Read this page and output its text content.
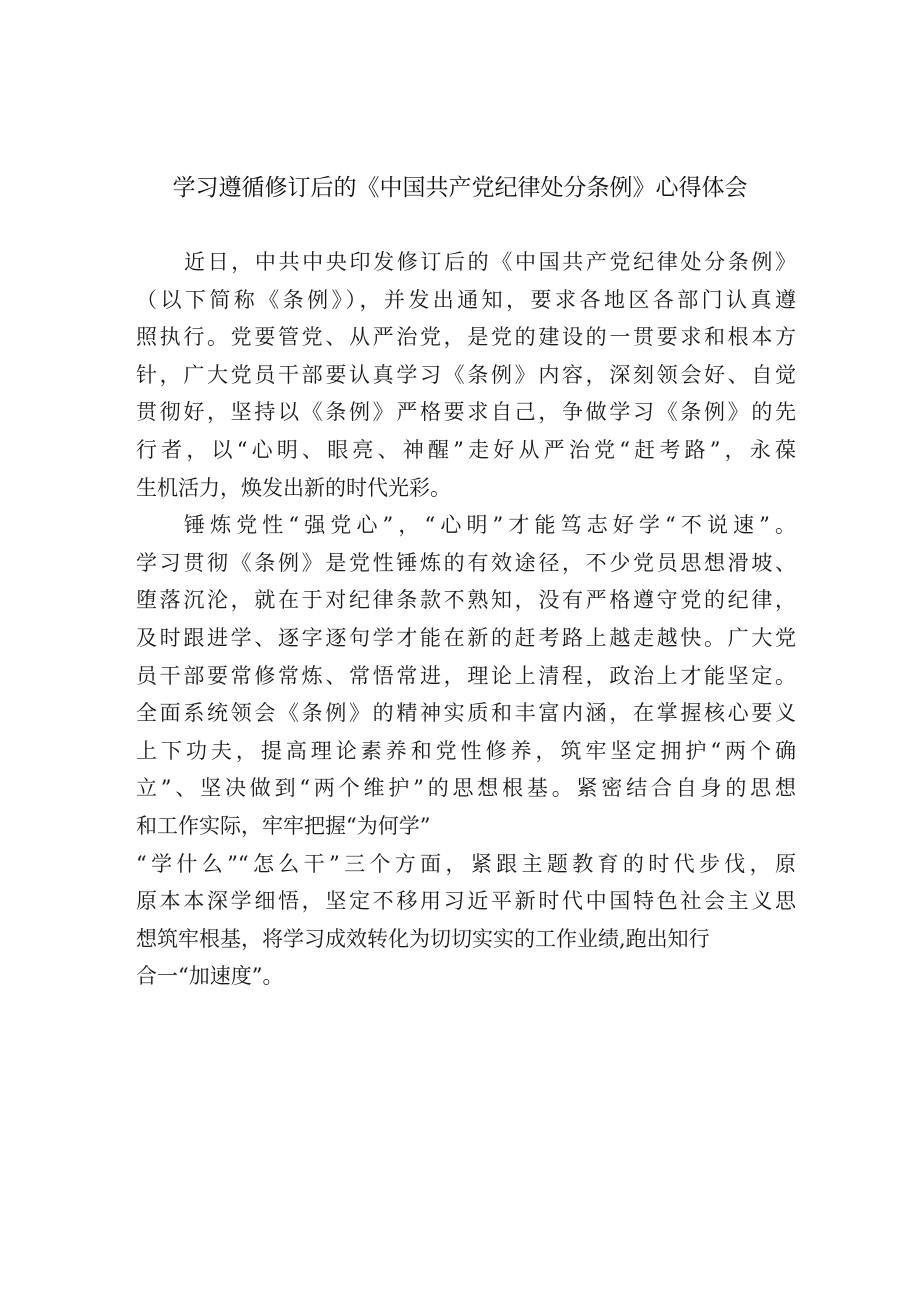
学习遵循修订后的《中国共产党纪律处分条例》心得体会
近日，中共中央印发修订后的《中国共产党纪律处分条例》
（以下简称《条例》），并发出通知，要求各地区各部门认真遵
照执行。党要管党、从严治党，是党的建设的一贯要求和根本方
针，广大党员干部要认真学习《条例》内容，深刻领会好、自觉
贯彻好，坚持以《条例》严格要求自己，争做学习《条例》的先
行者，以“心明、眼亮、神醒”走好从严治党“赶考路”，永葆
生机活力，焕发出新的时代光彩。
锤炼党性“强党心”，“心明”才能笃志好学“不说速”。
学习贯彻《条例》是党性锤炼的有效途径，不少党员思想滑坡、
堕落沉沦，就在于对纪律条款不熟知，没有严格遵守党的纪律，
及时跟进学、逐字逐句学才能在新的赶考路上越走越快。广大党
员干部要常修常炼、常悟常进，理论上清程，政治上才能坚定。
全面系统领会《条例》的精神实质和丰富内涵，在掌握核心要义
上下功夫，提高理论素养和党性修养，筑牢坚定拥护“两个确
立”、坚决做到“两个维护”的思想根基。紧密结合自身的思想
和工作实际，牢牢把握“为何学”
“学什么”“怎么干”三个方面，紧跟主题教育的时代步伐，原
原本本深学细悟，坚定不移用习近平新时代中国特色社会主义思
想筑牢根基，将学习成效转化为切切实实的工作业绩,跑出知行
合一“加速度”。
